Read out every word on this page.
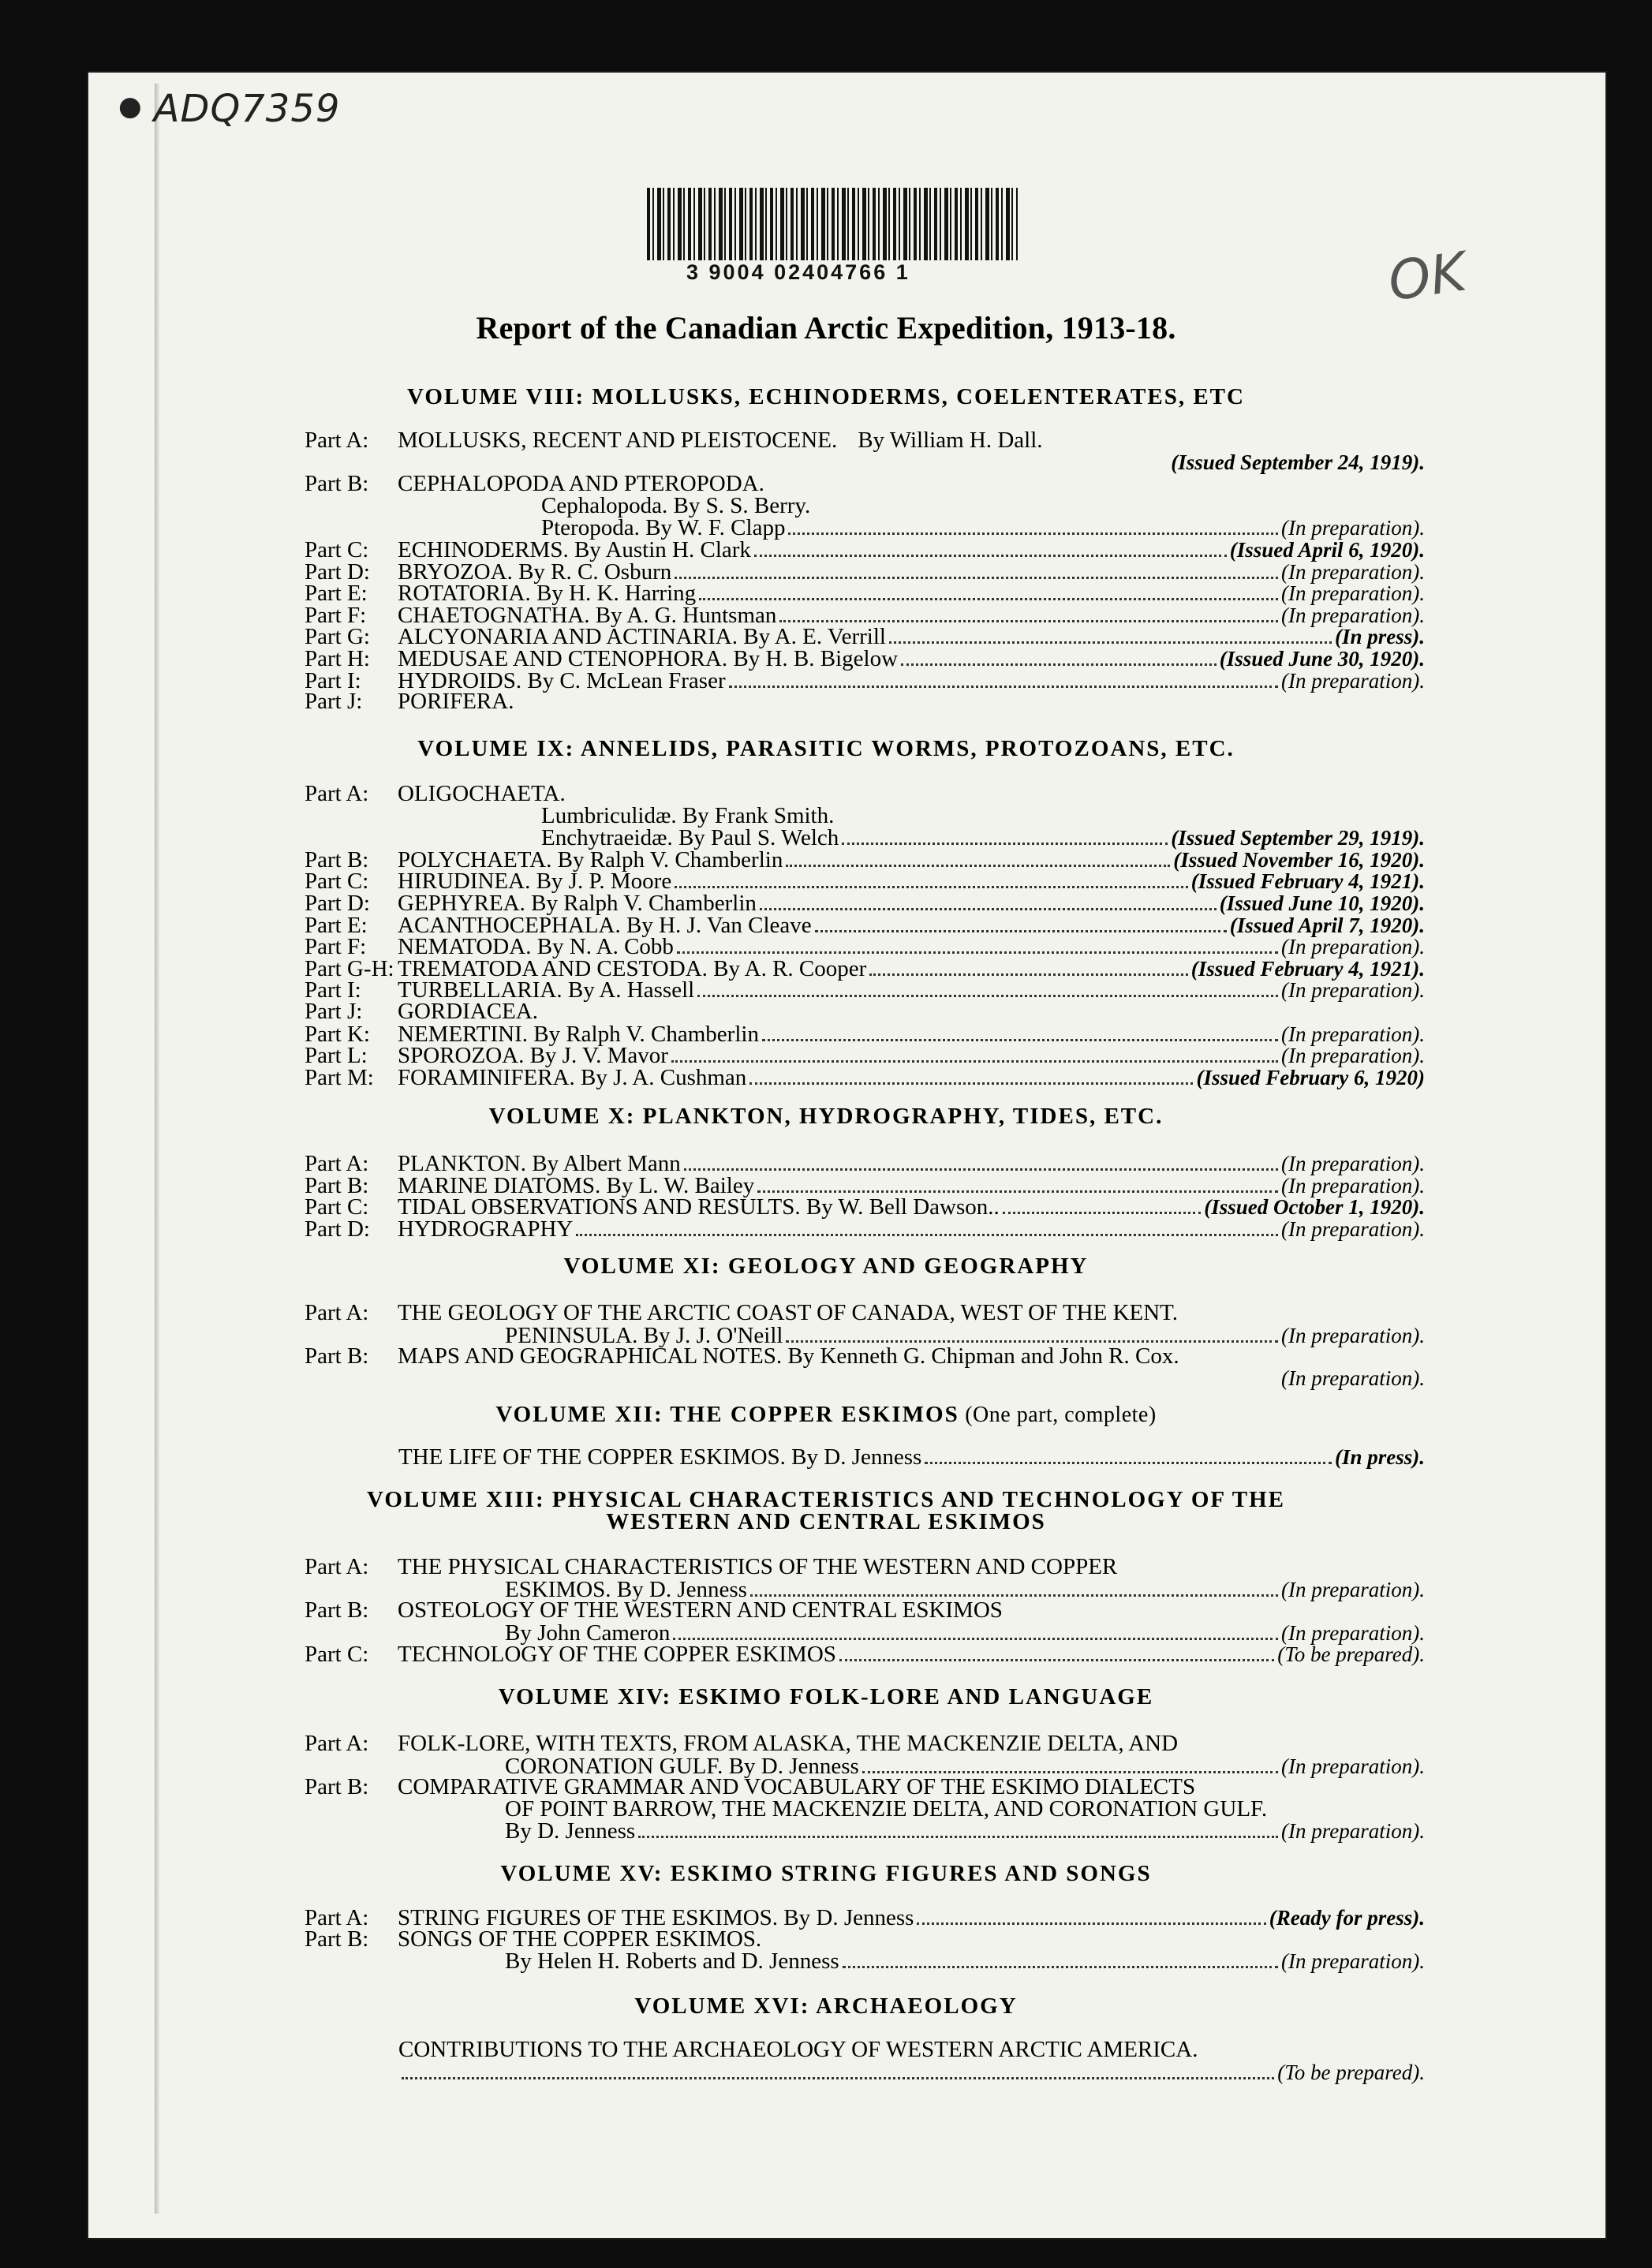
● ADQ7359
OK
3 9004 02404766 1
Report of the Canadian Arctic Expedition, 1913-18.
VOLUME VIII: MOLLUSKS, ECHINODERMS, COELENTERATES, ETC
Part A:	MOLLUSKS, RECENT AND PLEISTOCENE. By William H. Dall.
(Issued September 24, 1919).
Part B:	CEPHALOPODA AND PTEROPODA.
Cephalopoda. By S. S. Berry.
Pteropoda. By W. F. Clapp	(In preparation).
Part C:	ECHINODERMS. By Austin H. Clark	(Issued April 6, 1920).
Part D:	BRYOZOA. By R. C. Osburn	(In preparation).
Part E:	ROTATORIA. By H. K. Harring	(In preparation).
Part F:	CHAETOGNATHA. By A. G. Huntsman	(In preparation).
Part G:	ALCYONARIA AND ACTINARIA. By A. E. Verrill	(In press).
Part H:	MEDUSAE AND CTENOPHORA. By H. B. Bigelow	(Issued June 30, 1920).
Part I:	HYDROIDS. By C. McLean Fraser	(In preparation).
Part J:	PORIFERA.
VOLUME IX: ANNELIDS, PARASITIC WORMS, PROTOZOANS, ETC.
Part A:	OLIGOCHAETA.
Lumbriculidæ. By Frank Smith.
Enchytraeidæ. By Paul S. Welch	(Issued September 29, 1919).
Part B:	POLYCHAETA. By Ralph V. Chamberlin	(Issued November 16, 1920).
Part C:	HIRUDINEA. By J. P. Moore	(Issued February 4, 1921).
Part D:	GEPHYREA. By Ralph V. Chamberlin	(Issued June 10, 1920).
Part E:	ACANTHOCEPHALA. By H. J. Van Cleave	(Issued April 7, 1920).
Part F:	NEMATODA. By N. A. Cobb	(In preparation).
Part G-H: TREMATODA AND CESTODA. By A. R. Cooper	(Issued February 4, 1921).
Part I:	TURBELLARIA. By A. Hassell	(In preparation).
Part J:	GORDIACEA.
Part K:	NEMERTINI. By Ralph V. Chamberlin	(In preparation).
Part L:	SPOROZOA. By J. V. Mavor	(In preparation).
Part M:	FORAMINIFERA. By J. A. Cushman	(Issued February 6, 1920)
VOLUME X: PLANKTON, HYDROGRAPHY, TIDES, ETC.
Part A:	PLANKTON. By Albert Mann	(In preparation).
Part B:	MARINE DIATOMS. By L. W. Bailey	(In preparation).
Part C:	TIDAL OBSERVATIONS AND RESULTS. By W. Bell Dawson..	(Issued October 1, 1920).
Part D:	HYDROGRAPHY	(In preparation).
VOLUME XI: GEOLOGY AND GEOGRAPHY
Part A:	THE GEOLOGY OF THE ARCTIC COAST OF CANADA, WEST OF THE KENT.
PENINSULA. By J. J. O'Neill	(In preparation).
Part B:	MAPS AND GEOGRAPHICAL NOTES. By Kenneth G. Chipman and John R. Cox.
(In preparation).
VOLUME XII: THE COPPER ESKIMOS (One part, complete)
THE LIFE OF THE COPPER ESKIMOS. By D. Jenness	(In press).
VOLUME XIII: PHYSICAL CHARACTERISTICS AND TECHNOLOGY OF THE
WESTERN AND CENTRAL ESKIMOS
Part A:	THE PHYSICAL CHARACTERISTICS OF THE WESTERN AND COPPER
ESKIMOS. By D. Jenness	(In preparation).
Part B:	OSTEOLOGY OF THE WESTERN AND CENTRAL ESKIMOS
By John Cameron	(In preparation).
Part C:	TECHNOLOGY OF THE COPPER ESKIMOS	(To be prepared).
VOLUME XIV: ESKIMO FOLK-LORE AND LANGUAGE
Part A:	FOLK-LORE, WITH TEXTS, FROM ALASKA, THE MACKENZIE DELTA, AND
CORONATION GULF. By D. Jenness	(In preparation).
Part B:	COMPARATIVE GRAMMAR AND VOCABULARY OF THE ESKIMO DIALECTS
OF POINT BARROW, THE MACKENZIE DELTA, AND CORONATION GULF.
By D. Jenness	(In preparation).
VOLUME XV: ESKIMO STRING FIGURES AND SONGS
Part A:	STRING FIGURES OF THE ESKIMOS. By D. Jenness	(Ready for press).
Part B:	SONGS OF THE COPPER ESKIMOS.
By Helen H. Roberts and D. Jenness	(In preparation).
VOLUME XVI: ARCHAEOLOGY
CONTRIBUTIONS TO THE ARCHAEOLOGY OF WESTERN ARCTIC AMERICA.
(To be prepared).
